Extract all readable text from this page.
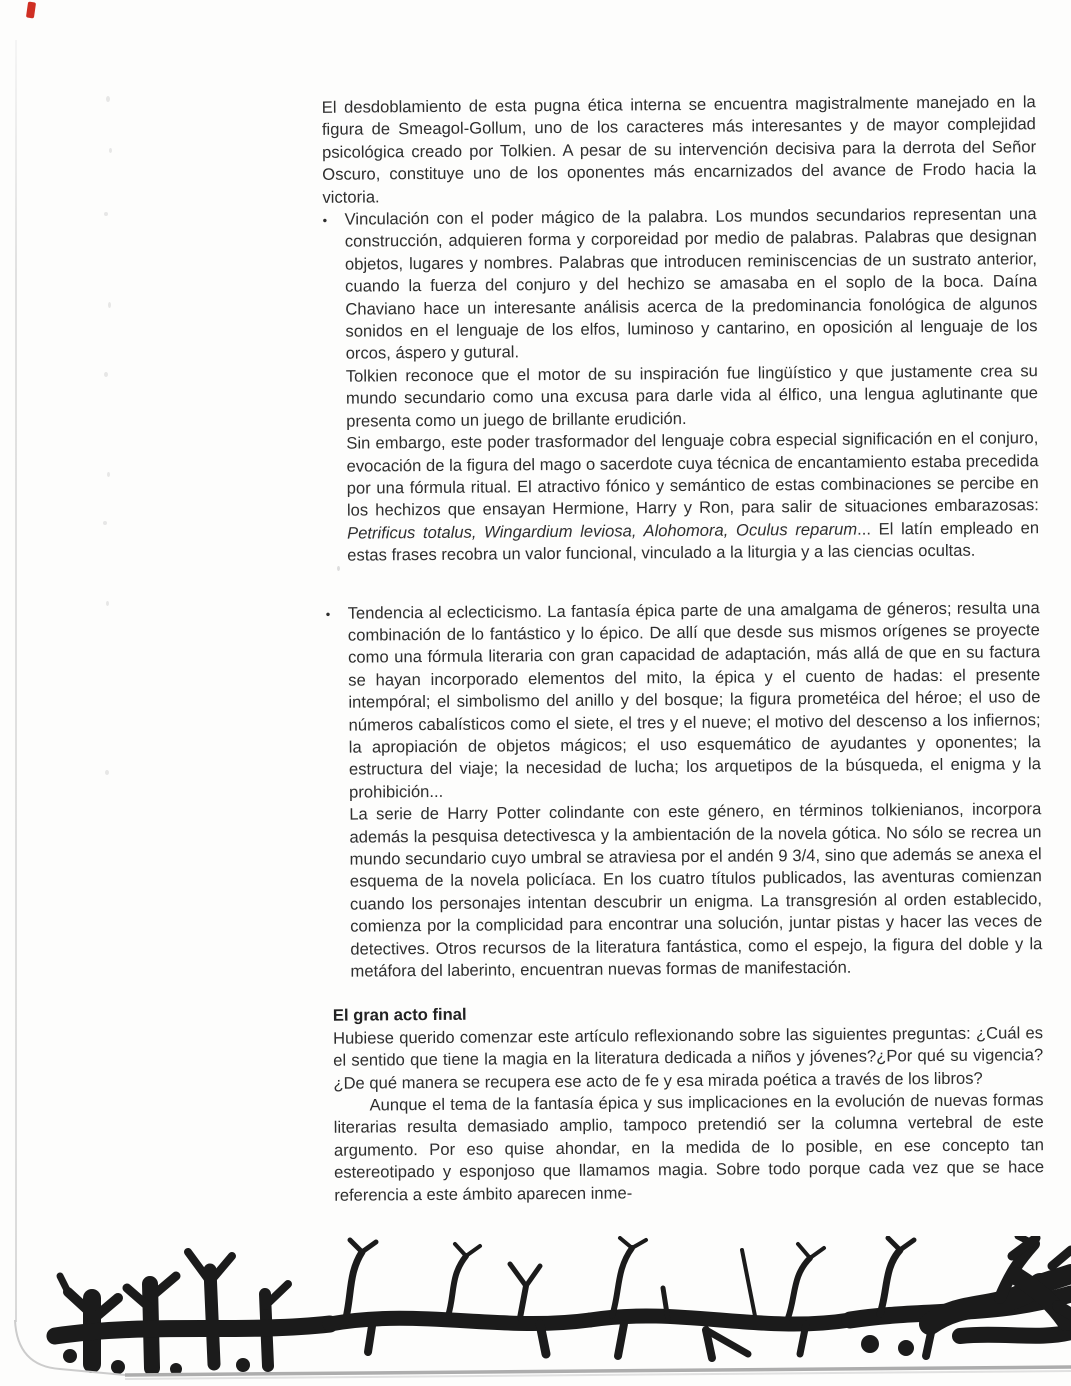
El desdoblamiento de esta pugna ética interna se encuentra magistralmente manejado en la figura de Smeagol-Gollum, uno de los caracteres más interesantes y de mayor complejidad psicológica creado por Tolkien. A pesar de su intervención decisiva para la derrota del Señor Oscuro, constituye uno de los oponentes más encarnizados del avance de Frodo hacia la victoria.

•	Vinculación con el poder mágico de la palabra. Los mundos secundarios representan una construcción, adquieren forma y corporeidad por medio de palabras. Palabras que designan objetos, lugares y nombres. Palabras que introducen reminiscencias de un sustrato anterior, cuando la fuerza del conjuro y del hechizo se amasaba en el soplo de la boca. Daína Chaviano hace un interesante análisis acerca de la predominancia fonológica de algunos sonidos en el lenguaje de los elfos, luminoso y cantarino, en oposición al lenguaje de los orcos, áspero y gutural.

Tolkien reconoce que el motor de su inspiración fue lingüístico y que justamente crea su mundo secundario como una excusa para darle vida al élfico, una lengua aglutinante que presenta como un juego de brillante erudición.

Sin embargo, este poder trasformador del lenguaje cobra especial significación en el conjuro, evocación de la figura del mago o sacerdote cuya técnica de encantamiento estaba precedida por una fórmula ritual. El atractivo fónico y semántico de estas combinaciones se percibe en los hechizos que ensayan Hermione, Harry y Ron, para salir de situaciones embarazosas: Petrificus totalus, Wingardium leviosa, Alohomora, Oculus reparum... El latín empleado en estas frases recobra un valor funcional, vinculado a la liturgia y a las ciencias ocultas.

•	Tendencia al eclecticismo. La fantasía épica parte de una amalgama de géneros; resulta una combinación de lo fantástico y lo épico. De allí que desde sus mismos orígenes se proyecte como una fórmula literaria con gran capacidad de adaptación, más allá de que en su factura se hayan incorporado elementos del mito, la épica y el cuento de hadas: el presente intempóral; el simbolismo del anillo y del bosque; la figura prometéica del héroe; el uso de números cabalísticos como el siete, el tres y el nueve; el motivo del descenso a los infiernos; la apropiación de objetos mágicos; el uso esquemático de ayudantes y oponentes; la estructura del viaje; la necesidad de lucha; los arquetipos de la búsqueda, el enigma y la prohibición...

La serie de Harry Potter colindante con este género, en términos tolkienianos, incorpora además la pesquisa detectivesca y la ambientación de la novela gótica. No sólo se recrea un mundo secundario cuyo umbral se atraviesa por el andén 9 3/4, sino que además se anexa el esquema de la novela policíaca. En los cuatro títulos publicados, las aventuras comienzan cuando los personajes intentan descubrir un enigma. La transgresión al orden establecido, comienza por la complicidad para encontrar una solución, juntar pistas y hacer las veces de detectives. Otros recursos de la literatura fantástica, como el espejo, la figura del doble y la metáfora del laberinto, encuentran nuevas formas de manifestación.

El gran acto final

Hubiese querido comenzar este artículo reflexionando sobre las siguientes preguntas: ¿Cuál es el sentido que tiene la magia en la literatura dedicada a niños y jóvenes?¿Por qué su vigencia?¿De qué manera se recupera ese acto de fe y esa mirada poética a través de los libros?

Aunque el tema de la fantasía épica y sus implicaciones en la evolución de nuevas formas literarias resulta demasiado amplio, tampoco pretendió ser la columna vertebral de este argumento. Por eso quise ahondar, en la medida de lo posible, en ese concepto tan estereotipado y esponjoso que llamamos magia. Sobre todo porque cada vez que se hace referencia a este ámbito aparecen inme-
